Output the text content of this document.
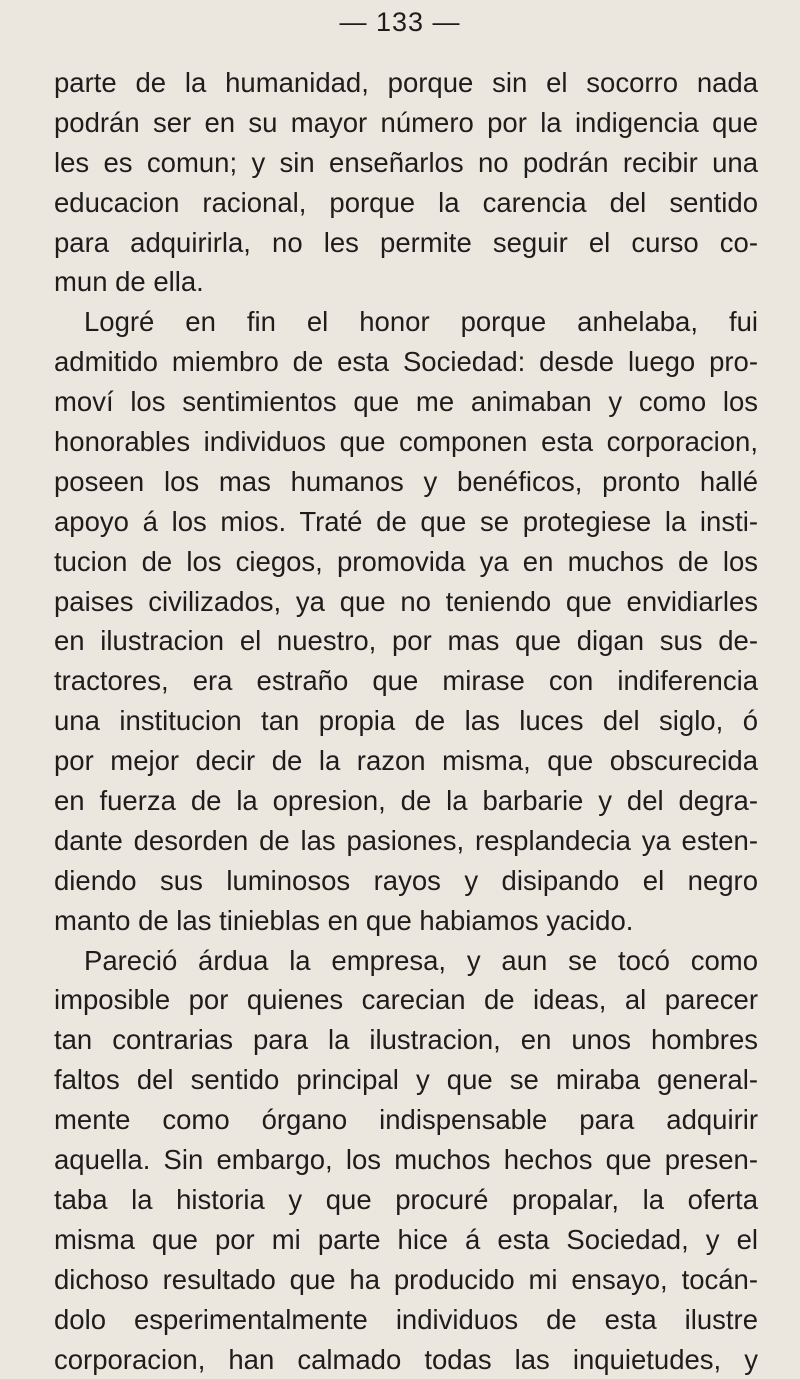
— 133 —
parte de la humanidad, porque sin el socorro nada
podrán ser en su mayor número por la indigencia que
les es comun; y sin enseñarlos no podrán recibir una
educacion racional, porque la carencia del sentido
para adquirirla, no les permite seguir el curso co-
mun de ella.
Logré en fin el honor porque anhelaba, fui
admitido miembro de esta Sociedad: desde luego pro-
moví los sentimientos que me animaban y como los
honorables individuos que componen esta corporacion,
poseen los mas humanos y benéficos, pronto hallé
apoyo á los mios. Traté de que se protegiese la insti-
tucion de los ciegos, promovida ya en muchos de los
paises civilizados, ya que no teniendo que envidiarles
en ilustracion el nuestro, por mas que digan sus de-
tractores, era estraño que mirase con indiferencia
una institucion tan propia de las luces del siglo, ó
por mejor decir de la razon misma, que obscurecida
en fuerza de la opresion, de la barbarie y del degra-
dante desorden de las pasiones, resplandecia ya esten-
diendo sus luminosos rayos y disipando el negro
manto de las tinieblas en que habiamos yacido.
Pareció árdua la empresa, y aun se tocó como
imposible por quienes carecian de ideas, al parecer
tan contrarias para la ilustracion, en unos hombres
faltos del sentido principal y que se miraba general-
mente como órgano indispensable para adquirir
aquella. Sin embargo, los muchos hechos que presen-
taba la historia y que procuré propalar, la oferta
misma que por mi parte hice á esta Sociedad, y el
dichoso resultado que ha producido mi ensayo, tocán-
dolo esperimentalmente individuos de esta ilustre
corporacion, han calmado todas las inquietudes, y
